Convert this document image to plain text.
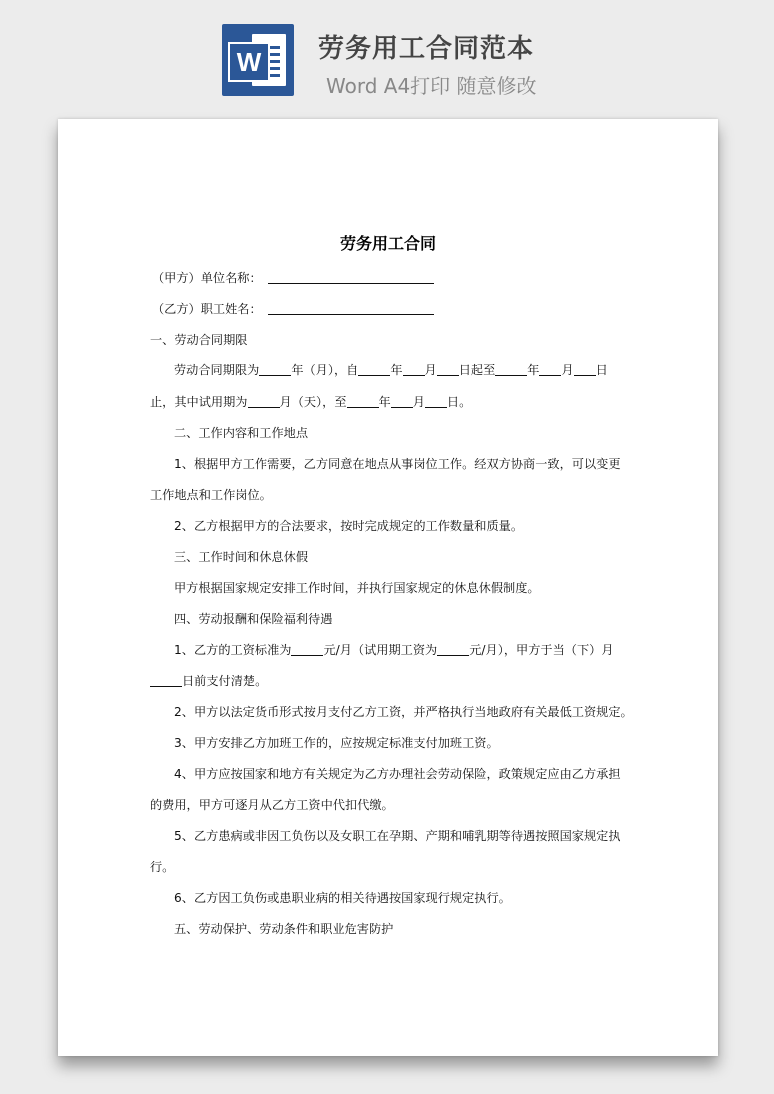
W	劳务用工合同范本
Word A4打印 随意修改
劳务用工合同
（甲方）单位名称：
（乙方）职工姓名：
一、劳动合同期限
劳动合同期限为	年（月），自	年 月 日起至	年 月 日
止，其中试用期为	月（天），至	年 月 日。
二、工作内容和工作地点
1、根据甲方工作需要，乙方同意在地点从事岗位工作。经双方协商一致，可以变更
工作地点和工作岗位。
2、乙方根据甲方的合法要求，按时完成规定的工作数量和质量。
三、工作时间和休息休假
甲方根据国家规定安排工作时间，并执行国家规定的休息休假制度。
四、劳动报酬和保险福利待遇
1、乙方的工资标准为	元/月（试用期工资为	元/月），甲方于当（下）月
日前支付清楚。
2、甲方以法定货币形式按月支付乙方工资，并严格执行当地政府有关最低工资规定。
3、甲方安排乙方加班工作的，应按规定标准支付加班工资。
4、甲方应按国家和地方有关规定为乙方办理社会劳动保险，政策规定应由乙方承担
的费用，甲方可逐月从乙方工资中代扣代缴。
5、乙方患病或非因工负伤以及女职工在孕期、产期和哺乳期等待遇按照国家规定执
行。
6、乙方因工负伤或患职业病的相关待遇按国家现行规定执行。
五、劳动保护、劳动条件和职业危害防护
